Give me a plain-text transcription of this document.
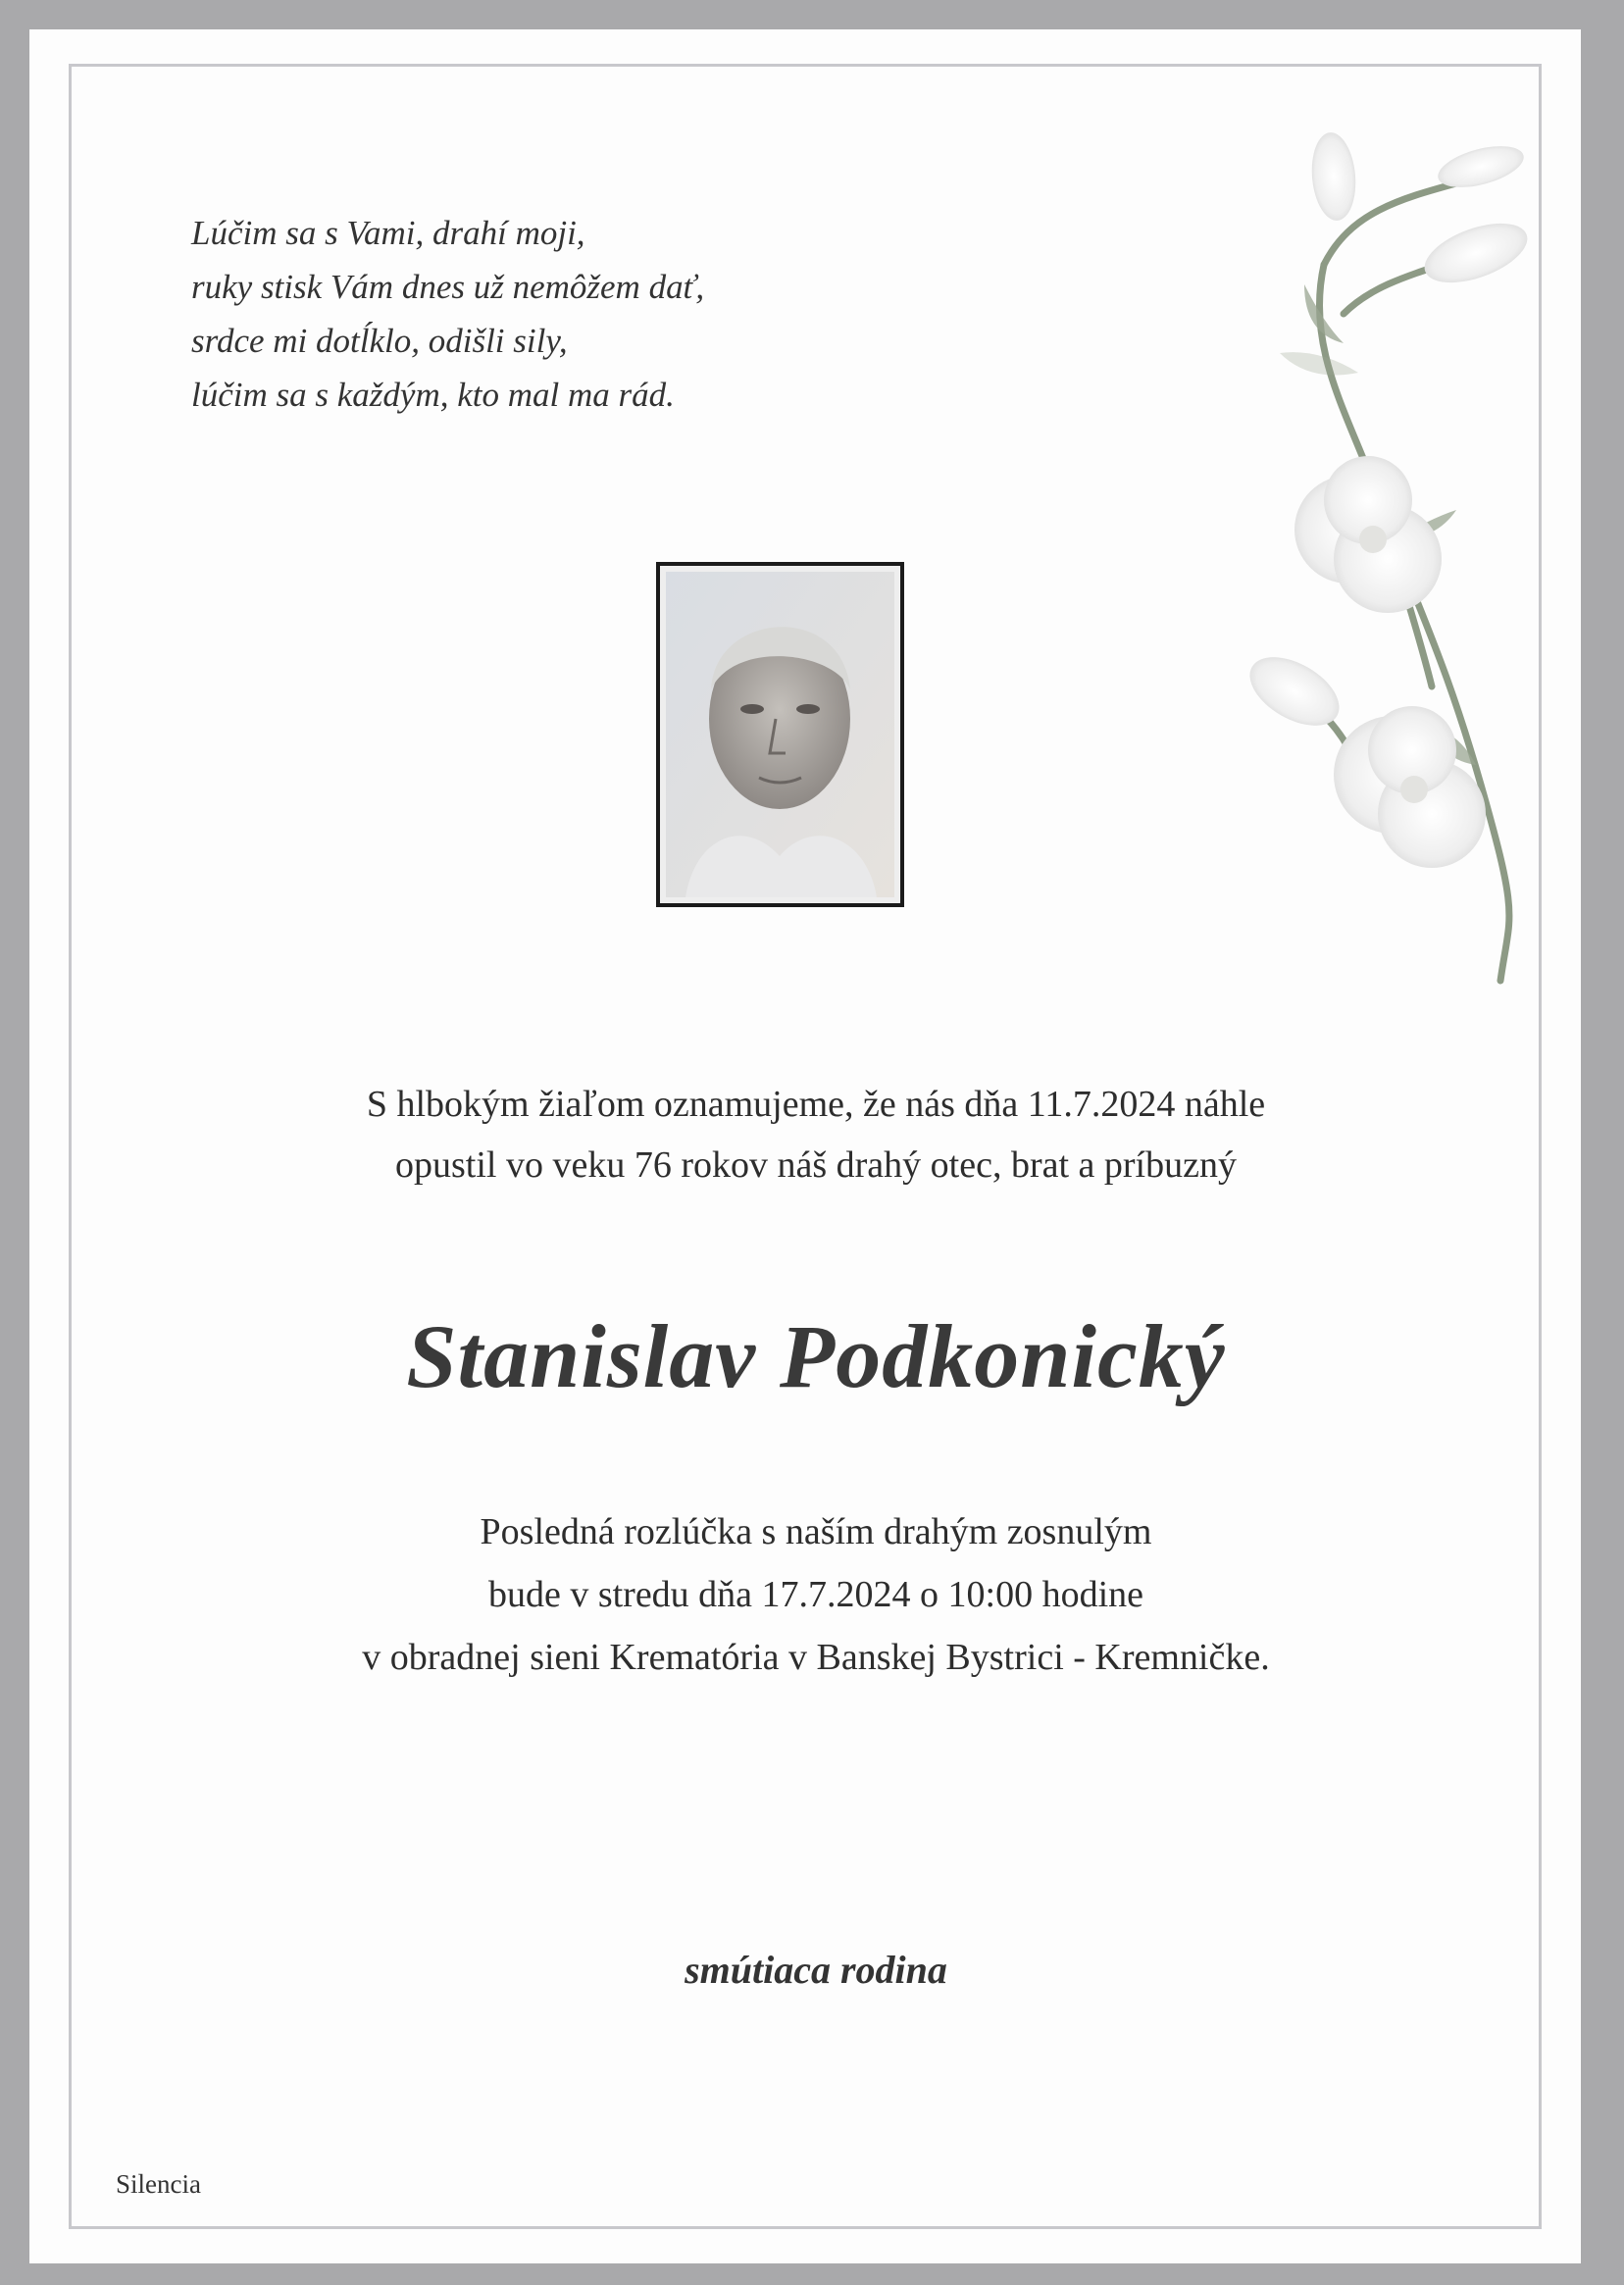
Lúčim sa s Vami, drahí moji,
ruky stisk Vám dnes už nemôžem dať,
srdce mi dotĺklo, odišli sily,
lúčim sa s každým, kto mal ma rád.
S hlbokým žiaľom oznamujeme, že nás dňa 11.7.2024 náhle
opustil vo veku 76 rokov náš drahý otec, brat a príbuzný
Stanislav Podkonický
Posledná rozlúčka s naším drahým zosnulým
bude v stredu dňa 17.7.2024 o 10:00 hodine
v obradnej sieni Krematória v Banskej Bystrici - Kremničke.
smútiaca rodina
Silencia
